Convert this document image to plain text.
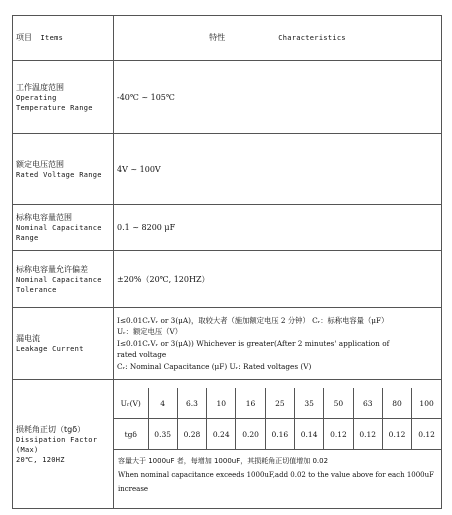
项目 Items	特性	Characteristics

工作温度范围
Operating
Temperature Range
	-40℃ ~ 105℃

额定电压范围
Rated Voltage Range
	4V ~ 100V

标称电容量范围
Nominal Capacitance
Range
	0.1 ~ 8200 μF

标称电容量允许偏差
Nominal Capacitance
Tolerance
	±20%（20℃, 120HZ）

漏电流
Leakage Current

I≤0.01CᵣVᵣ or 3(μA)，取较大者（施加额定电压 2 分钟） Cᵣ：标称电容量（μF）
Uᵣ：额定电压（V）
I≤0.01CᵣVᵣ or 3(μA)) Whichever is greater(After 2 minutes' application of
rated voltage
Cᵣ: Nominal Capacitance (μF) Uᵣ: Rated voltages (V)

损耗角正切（tgδ）
Dissipation Factor
(Max)
20℃, 120HZ

Uᵣ(V)	4	6.3	10	16	25	35	50	63	80	100
tgδ	0.35	0.28	0.24	0.20	0.16	0.14	0.12	0.12	0.12	0.12
容量大于 1000uF 者，每增加 1000uF，其损耗角正切值增加 0.02
When nominal capacitance exceeds 1000uF,add 0.02 to the value above for each 1000uF
increase
